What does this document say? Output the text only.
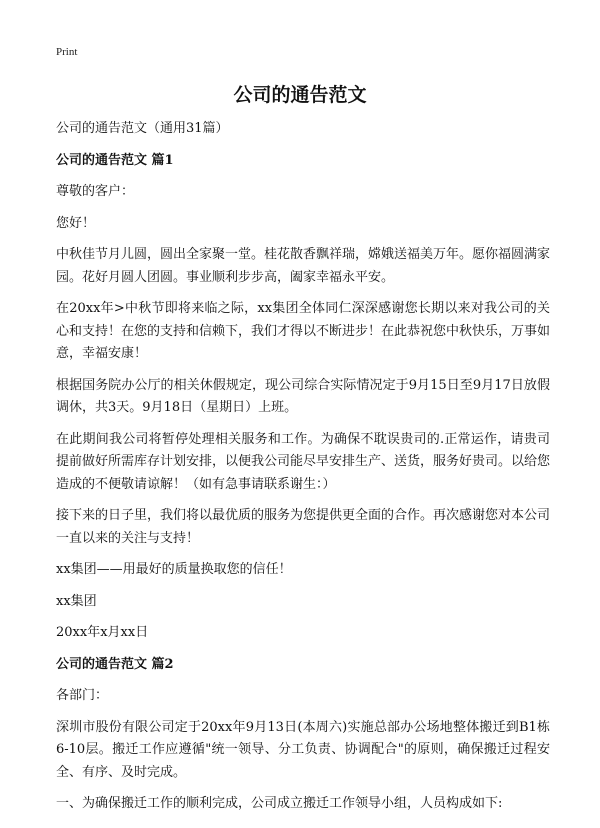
Print
公司的通告范文

公司的通告范文（通用31篇）

公司的通告范文 篇1

尊敬的客户：

您好！

中秋佳节月儿圆，圆出全家聚一堂。桂花散香飘祥瑞，嫦娥送福美万年。愿你福圆满家园。花好月圆人团圆。事业顺利步步高，阖家幸福永平安。

在20xx年>中秋节即将来临之际，xx集团全体同仁深深感谢您长期以来对我公司的关心和支持！在您的支持和信赖下，我们才得以不断进步！在此恭祝您中秋快乐，万事如意，幸福安康！

根据国务院办公厅的相关休假规定，现公司综合实际情况定于9月15日至9月17日放假调休，共3天。9月18日（星期日）上班。

在此期间我公司将暂停处理相关服务和工作。为确保不耽误贵司的.正常运作，请贵司提前做好所需库存计划安排，以便我公司能尽早安排生产、送货，服务好贵司。以给您造成的不便敬请谅解！（如有急事请联系谢生：）

接下来的日子里，我们将以最优质的服务为您提供更全面的合作。再次感谢您对本公司一直以来的关注与支持！

xx集团——用最好的质量换取您的信任！

xx集团

20xx年x月xx日

公司的通告范文 篇2

各部门：

深圳市股份有限公司定于20xx年9月13日(本周六)实施总部办公场地整体搬迁到B1栋6-10层。搬迁工作应遵循"统一领导、分工负责、协调配合"的原则，确保搬迁过程安全、有序、及时完成。

一、为确保搬迁工作的顺利完成，公司成立搬迁工作领导小组，人员构成如下:
